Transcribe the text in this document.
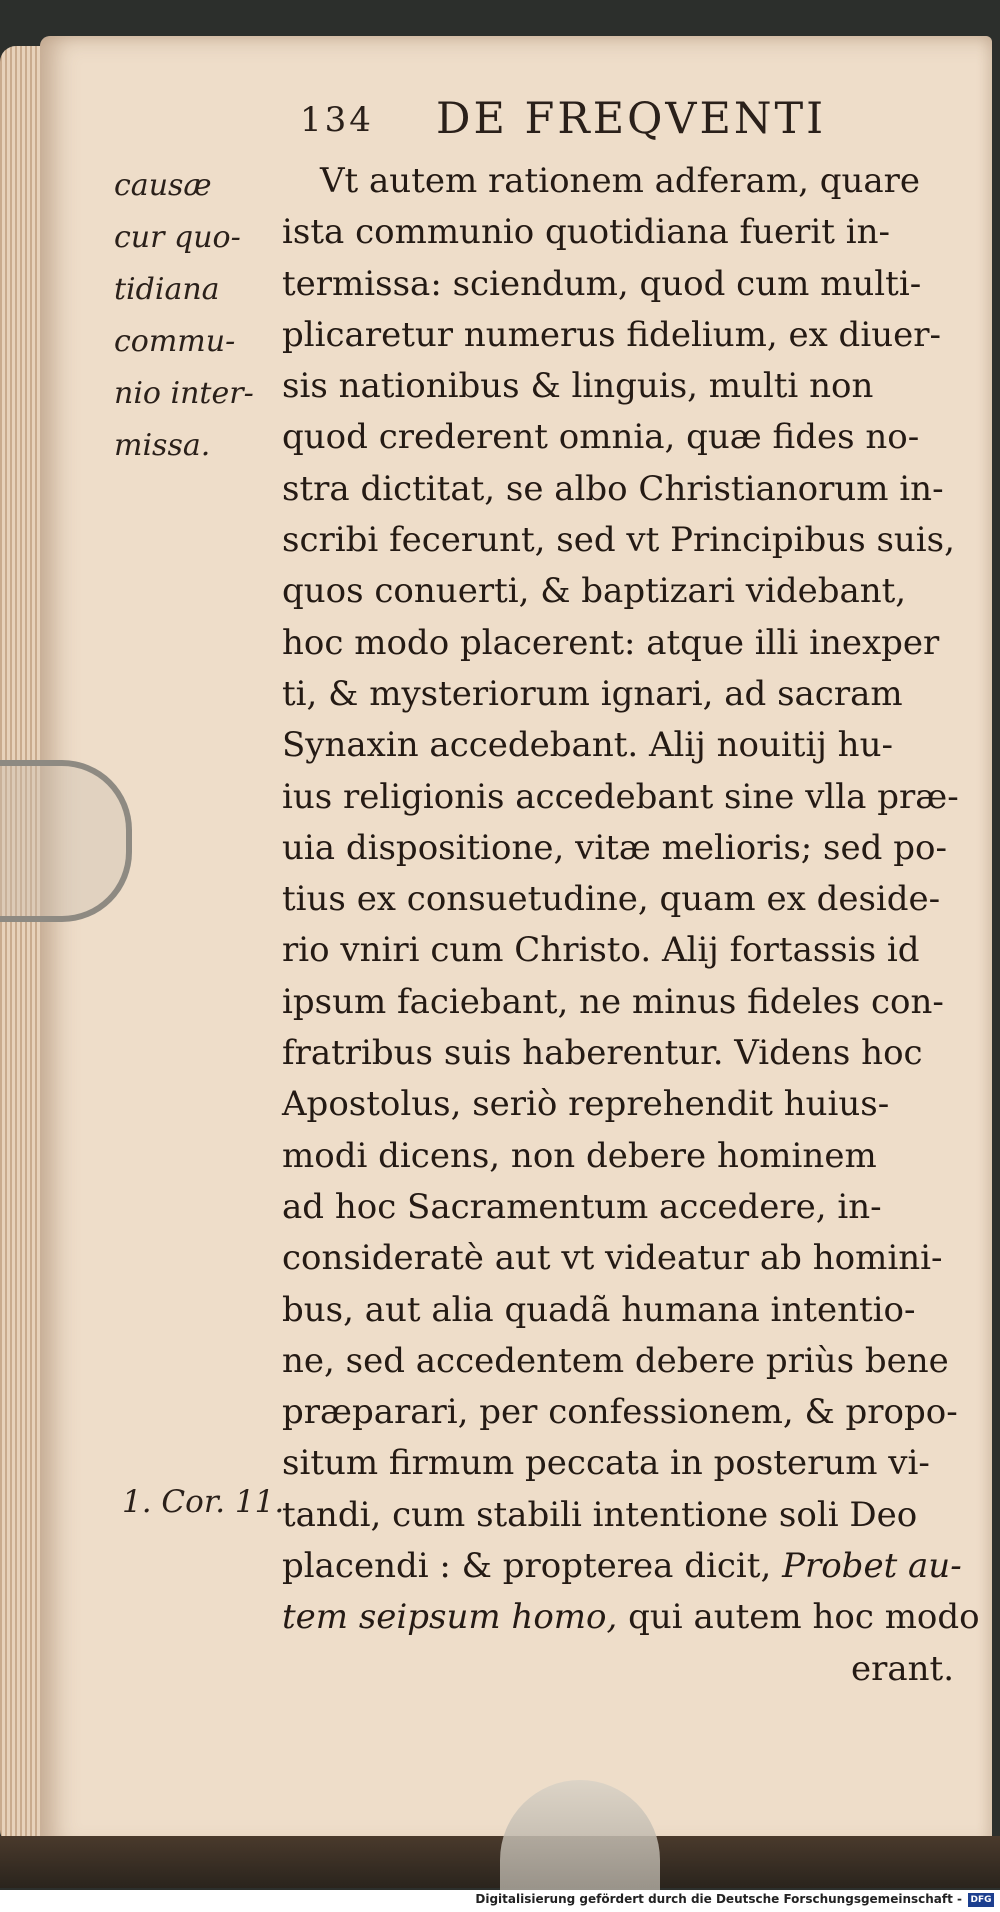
134 DE FREQVENTI
causæ
cur quo-
tidiana
commu-
nio inter-
missa.
1. Cor. 11.
Vt autem rationem adferam, quare
ista communio quotidiana fuerit in-
termissa: sciendum, quod cum multi-
plicaretur numerus fidelium, ex diuer-
sis nationibus & linguis, multi non
quod crederent omnia, quæ fides no-
stra dictitat, se albo Christianorum in-
scribi fecerunt, sed vt Principibus suis,
quos conuerti, & baptizari videbant,
hoc modo placerent: atque illi inexper
ti, & mysteriorum ignari, ad sacram
Synaxin accedebant. Alij nouitij hu-
ius religionis accedebant sine vlla præ-
uia dispositione, vitæ melioris; sed po-
tius ex consuetudine, quam ex deside-
rio vniri cum Christo. Alij fortassis id
ipsum faciebant, ne minus fideles con-
fratribus suis haberentur. Videns hoc
Apostolus, seriò reprehendit huius-
modi dicens, non debere hominem
ad hoc Sacramentum accedere, in-
consideratè aut vt videatur ab homini-
bus, aut alia quadã humana intentio-
ne, sed accedentem debere priùs bene
præparari, per confessionem, & propo-
situm firmum peccata in posterum vi-
tandi, cum stabili intentione soli Deo
placendi : & propterea dicit, Probet au-
tem seipsum homo, qui autem hoc modo
erant.
Digitalisierung gefördert durch die Deutsche Forschungsgemeinschaft - DFG
